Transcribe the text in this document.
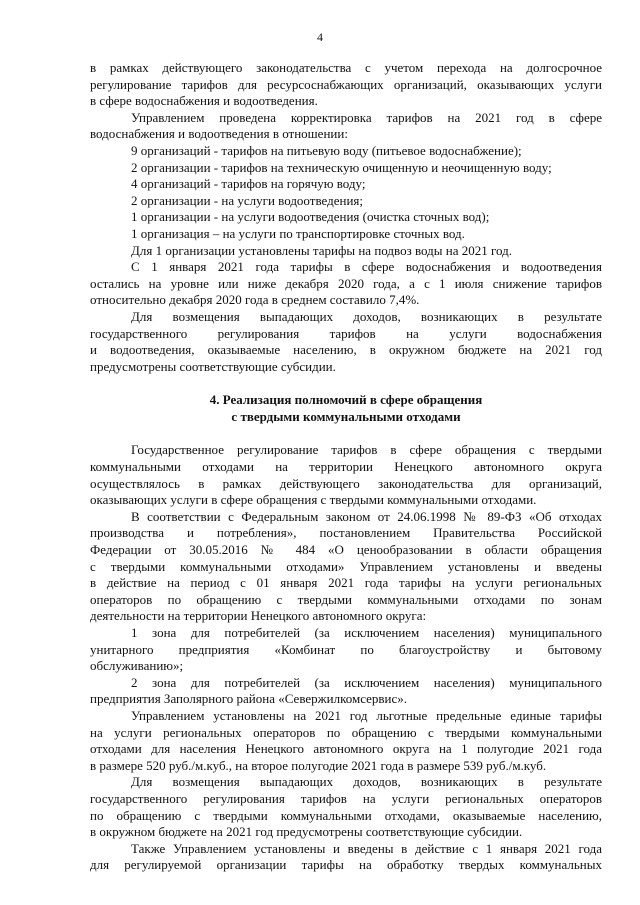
4
в рамках действующего законодательства с учетом перехода на долгосрочное
регулирование тарифов для ресурсоснабжающих организаций, оказывающих услуги
в сфере водоснабжения и водоотведения.
Управлением проведена корректировка тарифов на 2021 год в сфере
водоснабжения и водоотведения в отношении:
9 организаций - тарифов на питьевую воду (питьевое водоснабжение);
2 организации - тарифов на техническую очищенную и неочищенную воду;
4 организаций - тарифов на горячую воду;
2 организации - на услуги водоотведения;
1 организации - на услуги водоотведения (очистка сточных вод);
1 организация – на услуги по транспортировке сточных вод.
Для 1 организации установлены тарифы на подвоз воды на 2021 год.
С 1 января 2021 года тарифы в сфере водоснабжения и водоотведения
остались на уровне или ниже декабря 2020 года, а с 1 июля снижение тарифов
относительно декабря 2020 года в среднем составило 7,4%.
Для возмещения выпадающих доходов, возникающих в результате
государственного регулирования тарифов на услуги водоснабжения
и водоотведения, оказываемые населению, в окружном бюджете на 2021 год
предусмотрены соответствующие субсидии.
4. Реализация полномочий в сфере обращения
с твердыми коммунальными отходами
Государственное регулирование тарифов в сфере обращения с твердыми
коммунальными отходами на территории Ненецкого автономного округа
осуществлялось в рамках действующего законодательства для организаций,
оказывающих услуги в сфере обращения с твердыми коммунальными отходами.
В соответствии с Федеральным законом от 24.06.1998 № 89-ФЗ «Об отходах
производства и потребления», постановлением Правительства Российской
Федерации от 30.05.2016 № 484 «О ценообразовании в области обращения
с твердыми коммунальными отходами» Управлением установлены и введены
в действие на период с 01 января 2021 года тарифы на услуги региональных
операторов по обращению с твердыми коммунальными отходами по зонам
деятельности на территории Ненецкого автономного округа:
1 зона для потребителей (за исключением населения) муниципального
унитарного предприятия «Комбинат по благоустройству и бытовому
обслуживанию»;
2 зона для потребителей (за исключением населения) муниципального
предприятия Заполярного района «Севержилкомсервис».
Управлением установлены на 2021 год льготные предельные единые тарифы
на услуги региональных операторов по обращению с твердыми коммунальными
отходами для населения Ненецкого автономного округа на 1 полугодие 2021 года
в размере 520 руб./м.куб., на второе полугодие 2021 года в размере 539 руб./м.куб.
Для возмещения выпадающих доходов, возникающих в результате
государственного регулирования тарифов на услуги региональных операторов
по обращению с твердыми коммунальными отходами, оказываемые населению,
в окружном бюджете на 2021 год предусмотрены соответствующие субсидии.
Также Управлением установлены и введены в действие с 1 января 2021 года
для регулируемой организации тарифы на обработку твердых коммунальных
